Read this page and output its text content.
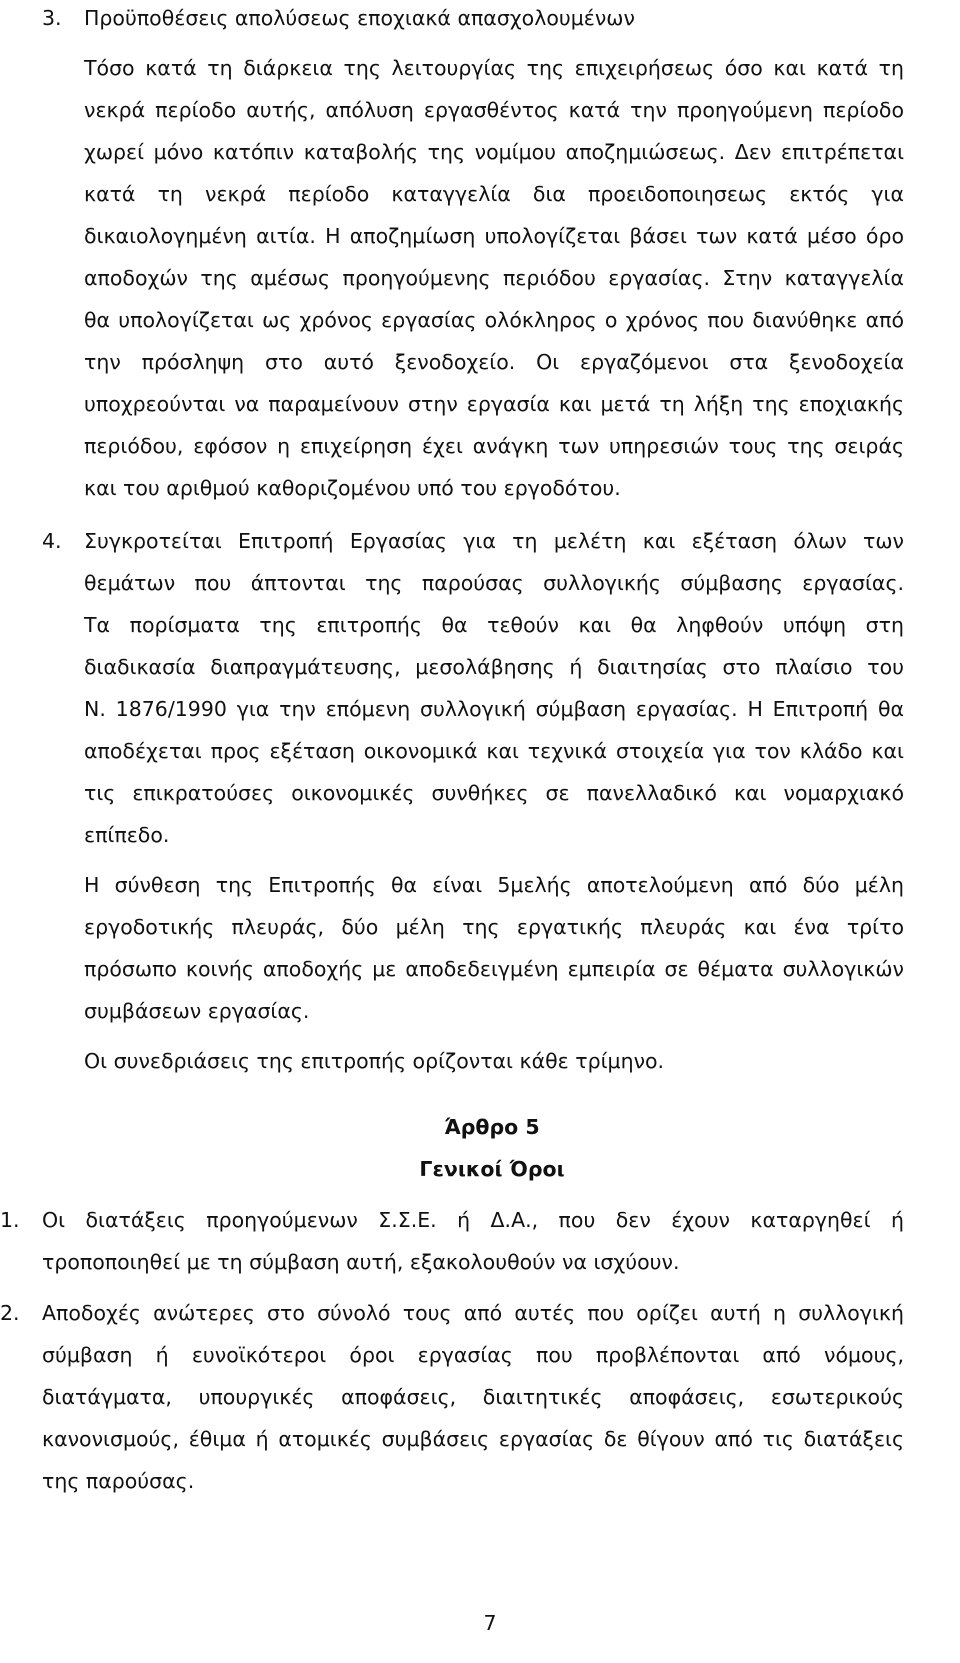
3. Προϋποθέσεις απολύσεως εποχιακά απασχολουμένων
Τόσο κατά τη διάρκεια της λειτουργίας της επιχειρήσεως όσο και κατά τη
νεκρά περίοδο αυτής, απόλυση εργασθέντος κατά την προηγούμενη περίοδο
χωρεί μόνο κατόπιν καταβολής της νομίμου αποζημιώσεως. Δεν επιτρέπεται
κατά τη νεκρά περίοδο καταγγελία δια προειδοποιησεως εκτός για
δικαιολογημένη αιτία. Η αποζημίωση υπολογίζεται βάσει των κατά μέσο όρο
αποδοχών της αμέσως προηγούμενης περιόδου εργασίας. Στην καταγγελία
θα υπολογίζεται ως χρόνος εργασίας ολόκληρος ο χρόνος που διανύθηκε από
την πρόσληψη στο αυτό ξενοδοχείο. Οι εργαζόμενοι στα ξενοδοχεία
υποχρεούνται να παραμείνουν στην εργασία και μετά τη λήξη της εποχιακής
περιόδου, εφόσον η επιχείρηση έχει ανάγκη των υπηρεσιών τους της σειράς
και του αριθμού καθοριζομένου υπό του εργοδότου.
4. Συγκροτείται Επιτροπή Εργασίας για τη μελέτη και εξέταση όλων των
θεμάτων που άπτονται της παρούσας συλλογικής σύμβασης εργασίας.
Τα πορίσματα της επιτροπής θα τεθούν και θα ληφθούν υπόψη στη
διαδικασία διαπραγμάτευσης, μεσολάβησης ή διαιτησίας στο πλαίσιο του
Ν. 1876/1990 για την επόμενη συλλογική σύμβαση εργασίας. Η Επιτροπή θα
αποδέχεται προς εξέταση οικονομικά και τεχνικά στοιχεία για τον κλάδο και
τις επικρατούσες οικονομικές συνθήκες σε πανελλαδικό και νομαρχιακό
επίπεδο.
Η σύνθεση της Επιτροπής θα είναι 5μελής αποτελούμενη από δύο μέλη
εργοδοτικής πλευράς, δύο μέλη της εργατικής πλευράς και ένα τρίτο
πρόσωπο κοινής αποδοχής με αποδεδειγμένη εμπειρία σε θέματα συλλογικών
συμβάσεων εργασίας.
Οι συνεδριάσεις της επιτροπής ορίζονται κάθε τρίμηνο.
Άρθρο 5
Γενικοί Όροι
1. Οι διατάξεις προηγούμενων Σ.Σ.Ε. ή Δ.Α., που δεν έχουν καταργηθεί ή
τροποποιηθεί με τη σύμβαση αυτή, εξακολουθούν να ισχύουν.
2. Αποδοχές ανώτερες στο σύνολό τους από αυτές που ορίζει αυτή η συλλογική
σύμβαση ή ευνοϊκότεροι όροι εργασίας που προβλέπονται από νόμους,
διατάγματα, υπουργικές αποφάσεις, διαιτητικές αποφάσεις, εσωτερικούς
κανονισμούς, έθιμα ή ατομικές συμβάσεις εργασίας δε θίγουν από τις διατάξεις
της παρούσας.
7
